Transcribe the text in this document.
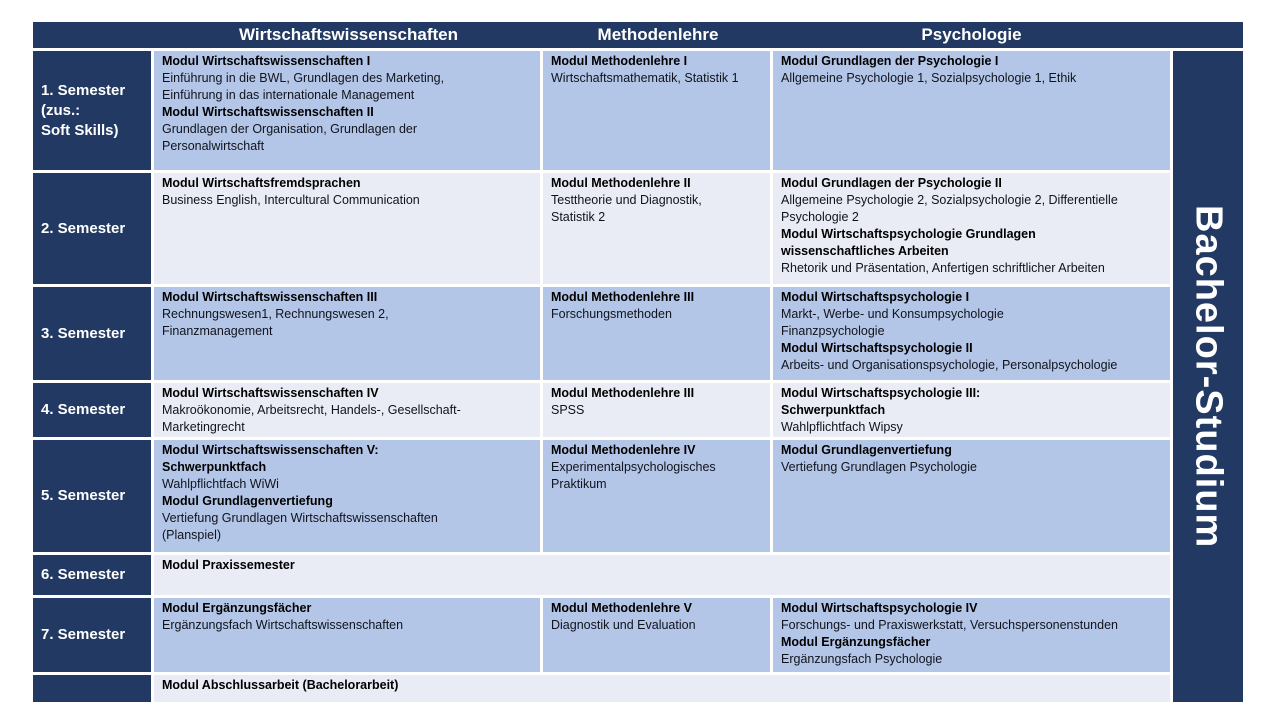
Wirtschaftswissenschaften	Methodenlehre	Psychologie
Bachelor-Studium
1. Semester
(zus.:
Soft Skills)
Modul Wirtschaftswissenschaften I
Einführung in die BWL, Grundlagen des Marketing,
Einführung in das internationale Management
Modul Wirtschaftswissenschaften II
Grundlagen der Organisation, Grundlagen der
Personalwirtschaft
Modul Methodenlehre I
Wirtschaftsmathematik, Statistik 1
Modul Grundlagen der Psychologie I
Allgemeine Psychologie 1, Sozialpsychologie 1, Ethik
2. Semester
Modul Wirtschaftsfremdsprachen
Business English, Intercultural Communication
Modul Methodenlehre II
Testtheorie und Diagnostik,
Statistik 2
Modul Grundlagen der Psychologie II
Allgemeine Psychologie 2, Sozialpsychologie 2, Differentielle
Psychologie 2
Modul Wirtschaftspsychologie Grundlagen
wissenschaftliches Arbeiten
Rhetorik und Präsentation, Anfertigen schriftlicher Arbeiten
3. Semester
Modul Wirtschaftswissenschaften III
Rechnungswesen1, Rechnungswesen 2,
Finanzmanagement
Modul Methodenlehre III
Forschungsmethoden
Modul Wirtschaftspsychologie I
Markt-, Werbe- und Konsumpsychologie
Finanzpsychologie
Modul Wirtschaftspsychologie II
Arbeits- und Organisationspsychologie, Personalpsychologie
4. Semester
Modul Wirtschaftswissenschaften IV
Makroökonomie, Arbeitsrecht, Handels-, Gesellschaft-
Marketingrecht
Modul Methodenlehre III
SPSS
Modul Wirtschaftspsychologie III:
Schwerpunktfach
Wahlpflichtfach Wipsy
5. Semester
Modul Wirtschaftswissenschaften V:
Schwerpunktfach
Wahlpflichtfach WiWi
Modul Grundlagenvertiefung
Vertiefung Grundlagen Wirtschaftswissenschaften
(Planspiel)
Modul Methodenlehre IV
Experimentalpsychologisches
Praktikum
Modul Grundlagenvertiefung
Vertiefung Grundlagen Psychologie
6. Semester
Modul Praxissemester
7. Semester
Modul Ergänzungsfächer
Ergänzungsfach Wirtschaftswissenschaften
Modul Methodenlehre V
Diagnostik und Evaluation
Modul Wirtschaftspsychologie IV
Forschungs- und Praxiswerkstatt, Versuchspersonenstunden
Modul Ergänzungsfächer
Ergänzungsfach Psychologie
Modul Abschlussarbeit (Bachelorarbeit)
